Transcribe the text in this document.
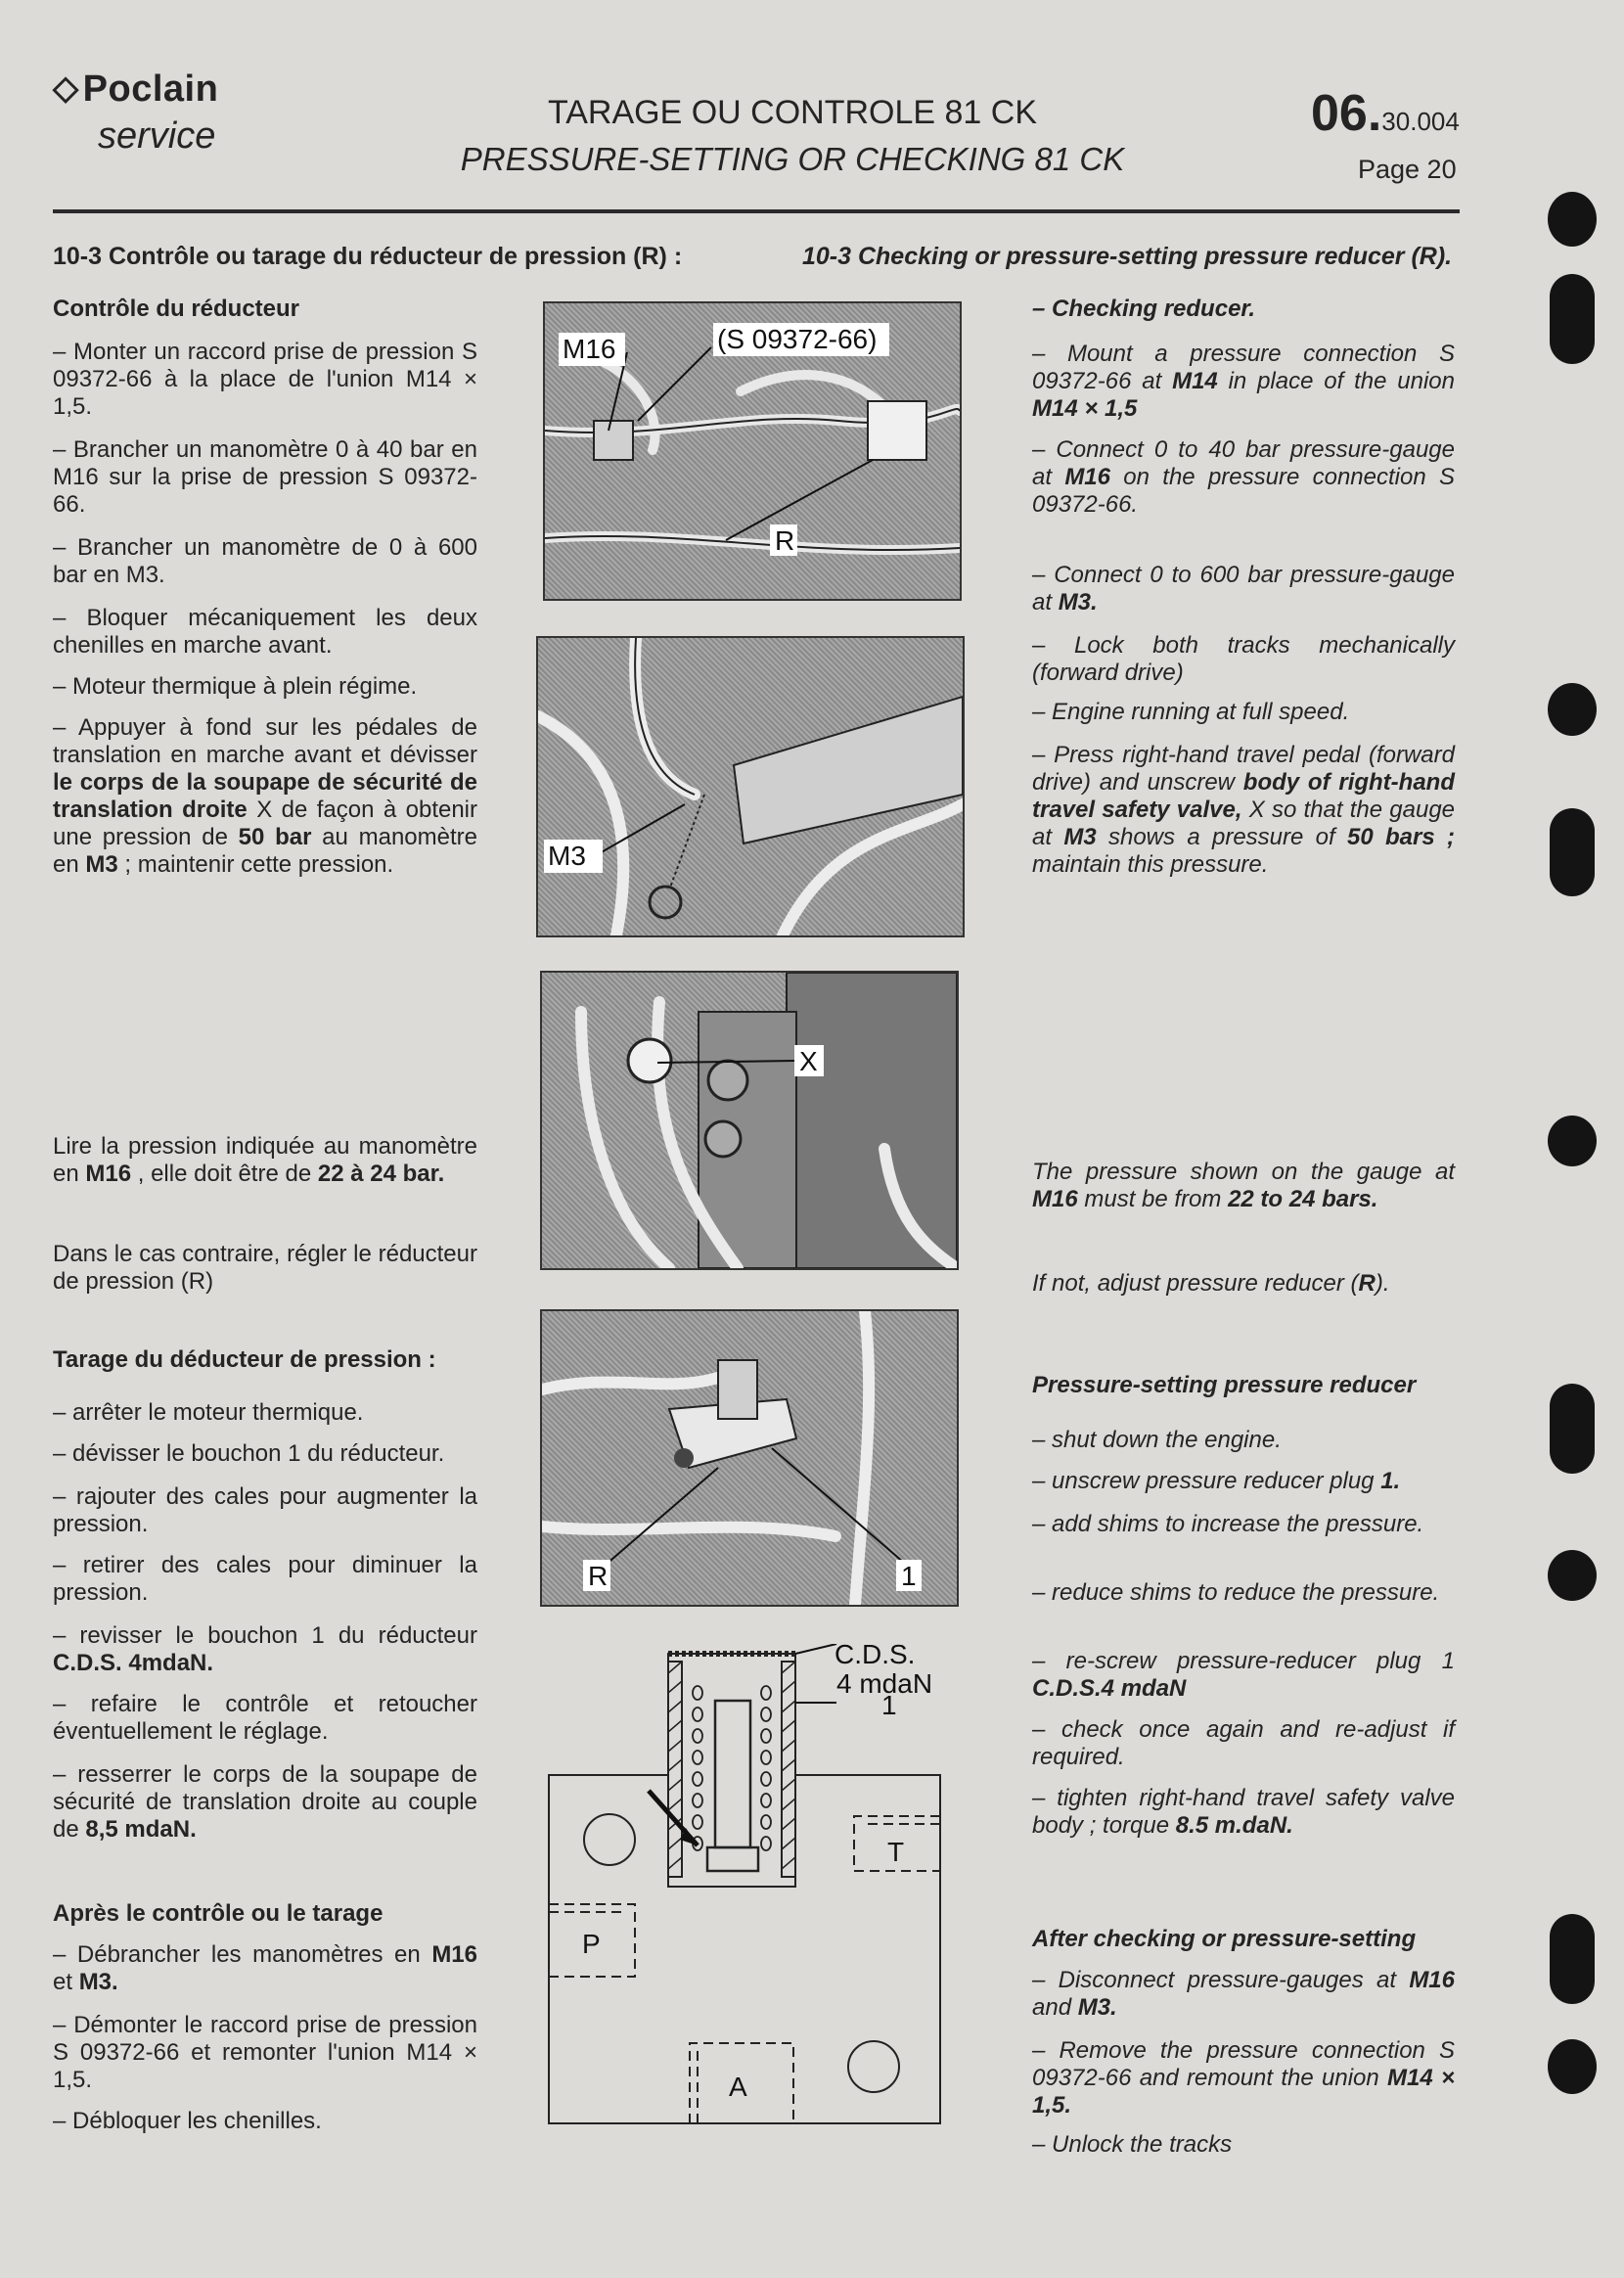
◇ Poclain
service
TARAGE OU CONTROLE 81 CK
PRESSURE-SETTING OR CHECKING 81 CK
06.30.004
Page 20
10-3 Contrôle ou tarage du réducteur de pression (R) :	10-3 Checking or pressure-setting pressure reducer (R).
Contrôle du réducteur
– Monter un raccord prise de pression S 09372-66 à la place de l'union M14 × 1,5.
– Brancher un manomètre 0 à 40 bar en M16 sur la prise de pression S 09372-66.
– Brancher un manomètre de 0 à 600 bar en M3.
– Bloquer mécaniquement les deux chenilles en marche avant.
– Moteur thermique à plein régime.
– Appuyer à fond sur les pédales de translation en marche avant et dévisser le corps de la soupape de sécurité de translation droite X de façon à obtenir une pression de 50 bar au manomètre en M3 ; maintenir cette pression.
Lire la pression indiquée au manomètre en M16 , elle doit être de 22 à 24 bar.
Dans le cas contraire, régler le réducteur de pression (R)
Tarage du déducteur de pression :
– arrêter le moteur thermique.
– dévisser le bouchon 1 du réducteur.
– rajouter des cales pour augmenter la pression.
– retirer des cales pour diminuer la pression.
– revisser le bouchon 1 du réducteur C.D.S. 4mdaN.
– refaire le contrôle et retoucher éventuellement le réglage.
– resserrer le corps de la soupape de sécurité de translation droite au couple de 8,5 mdaN.
Après le contrôle ou le tarage
– Débrancher les manomètres en M16 et M3.
– Démonter le raccord prise de pression S 09372-66 et remonter l'union M14 × 1,5.
– Débloquer les chenilles.
– Checking reducer.
– Mount a pressure connection S 09372-66 at M14 in place of the union M14 × 1,5
– Connect 0 to 40 bar pressure-gauge at M16 on the pressure connection S 09372-66.
– Connect 0 to 600 bar pressure-gauge at M3.
– Lock both tracks mechanically (forward drive)
– Engine running at full speed.
– Press right-hand travel pedal (forward drive) and unscrew body of right-hand travel safety valve, X so that the gauge at M3 shows a pressure of 50 bars ; maintain this pressure.
The pressure shown on the gauge at M16 must be from 22 to 24 bars.
If not, adjust pressure reducer (R).
Pressure-setting pressure reducer
– shut down the engine.
– unscrew pressure reducer plug 1.
– add shims to increase the pressure.
– reduce shims to reduce the pressure.
– re-screw pressure-reducer plug 1 C.D.S.4 mdaN
– check once again and re-adjust if required.
– tighten right-hand travel safety valve body ; torque 8.5 m.daN.
After checking or pressure-setting
– Disconnect pressure-gauges at M16 and M3.
– Remove the pressure connection S 09372-66 and remount the union M14 × 1,5.
– Unlock the tracks
M16	(S 09372-66)
R
M3
X
R	1
C.D.S.
4 mdaN
1
T
P
A
